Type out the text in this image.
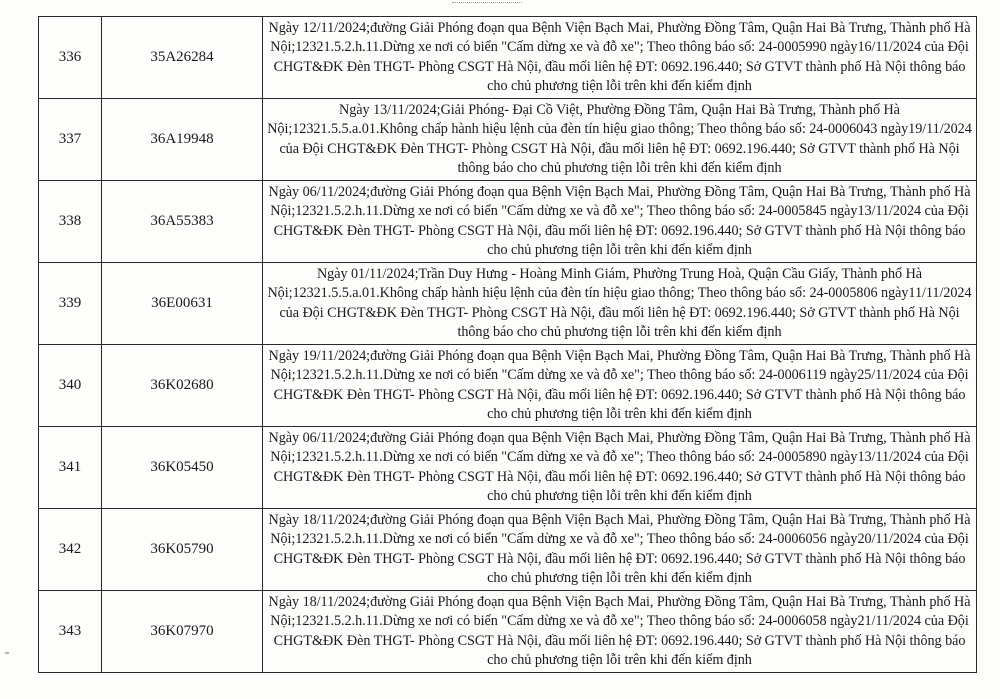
336	35A26284	Ngày 12/11/2024;đường Giải Phóng đoạn qua Bệnh Viện Bạch Mai, Phường Đồng Tâm, Quận Hai Bà Trưng, Thành phố Hà Nội;12321.5.2.h.11.Dừng xe nơi có biển "Cấm dừng xe và đỗ xe"; Theo thông báo số: 24-0005990 ngày16/11/2024 của Đội CHGT&ĐK Đèn THGT- Phòng CSGT Hà Nội, đầu mối liên hệ ĐT: 0692.196.440; Sở GTVT thành phố Hà Nội thông báo cho chủ phương tiện lỗi trên khi đến kiểm định
337	36A19948	Ngày 13/11/2024;Giải Phóng- Đại Cồ Việt, Phường Đồng Tâm, Quận Hai Bà Trưng, Thành phố Hà Nội;12321.5.5.a.01.Không chấp hành hiệu lệnh của đèn tín hiệu giao thông; Theo thông báo số: 24-0006043 ngày19/11/2024 của Đội CHGT&ĐK Đèn THGT- Phòng CSGT Hà Nội, đầu mối liên hệ ĐT: 0692.196.440; Sở GTVT thành phố Hà Nội thông báo cho chủ phương tiện lỗi trên khi đến kiểm định
338	36A55383	Ngày 06/11/2024;đường Giải Phóng đoạn qua Bệnh Viện Bạch Mai, Phường Đồng Tâm, Quận Hai Bà Trưng, Thành phố Hà Nội;12321.5.2.h.11.Dừng xe nơi có biển "Cấm dừng xe và đỗ xe"; Theo thông báo số: 24-0005845 ngày13/11/2024 của Đội CHGT&ĐK Đèn THGT- Phòng CSGT Hà Nội, đầu mối liên hệ ĐT: 0692.196.440; Sở GTVT thành phố Hà Nội thông báo cho chủ phương tiện lỗi trên khi đến kiểm định
339	36E00631	Ngày 01/11/2024;Trần Duy Hưng - Hoàng Minh Giám, Phường Trung Hoà, Quận Cầu Giấy, Thành phố Hà Nội;12321.5.5.a.01.Không chấp hành hiệu lệnh của đèn tín hiệu giao thông; Theo thông báo số: 24-0005806 ngày11/11/2024 của Đội CHGT&ĐK Đèn THGT- Phòng CSGT Hà Nội, đầu mối liên hệ ĐT: 0692.196.440; Sở GTVT thành phố Hà Nội thông báo cho chủ phương tiện lỗi trên khi đến kiểm định
340	36K02680	Ngày 19/11/2024;đường Giải Phóng đoạn qua Bệnh Viện Bạch Mai, Phường Đồng Tâm, Quận Hai Bà Trưng, Thành phố Hà Nội;12321.5.2.h.11.Dừng xe nơi có biển "Cấm dừng xe và đỗ xe"; Theo thông báo số: 24-0006119 ngày25/11/2024 của Đội CHGT&ĐK Đèn THGT- Phòng CSGT Hà Nội, đầu mối liên hệ ĐT: 0692.196.440; Sở GTVT thành phố Hà Nội thông báo cho chủ phương tiện lỗi trên khi đến kiểm định
341	36K05450	Ngày 06/11/2024;đường Giải Phóng đoạn qua Bệnh Viện Bạch Mai, Phường Đồng Tâm, Quận Hai Bà Trưng, Thành phố Hà Nội;12321.5.2.h.11.Dừng xe nơi có biển "Cấm dừng xe và đỗ xe"; Theo thông báo số: 24-0005890 ngày13/11/2024 của Đội CHGT&ĐK Đèn THGT- Phòng CSGT Hà Nội, đầu mối liên hệ ĐT: 0692.196.440; Sở GTVT thành phố Hà Nội thông báo cho chủ phương tiện lỗi trên khi đến kiểm định
342	36K05790	Ngày 18/11/2024;đường Giải Phóng đoạn qua Bệnh Viện Bạch Mai, Phường Đồng Tâm, Quận Hai Bà Trưng, Thành phố Hà Nội;12321.5.2.h.11.Dừng xe nơi có biển "Cấm dừng xe và đỗ xe"; Theo thông báo số: 24-0006056 ngày20/11/2024 của Đội CHGT&ĐK Đèn THGT- Phòng CSGT Hà Nội, đầu mối liên hệ ĐT: 0692.196.440; Sở GTVT thành phố Hà Nội thông báo cho chủ phương tiện lỗi trên khi đến kiểm định
343	36K07970	Ngày 18/11/2024;đường Giải Phóng đoạn qua Bệnh Viện Bạch Mai, Phường Đồng Tâm, Quận Hai Bà Trưng, Thành phố Hà Nội;12321.5.2.h.11.Dừng xe nơi có biển "Cấm dừng xe và đỗ xe"; Theo thông báo số: 24-0006058 ngày21/11/2024 của Đội CHGT&ĐK Đèn THGT- Phòng CSGT Hà Nội, đầu mối liên hệ ĐT: 0692.196.440; Sở GTVT thành phố Hà Nội thông báo cho chủ phương tiện lỗi trên khi đến kiểm định
